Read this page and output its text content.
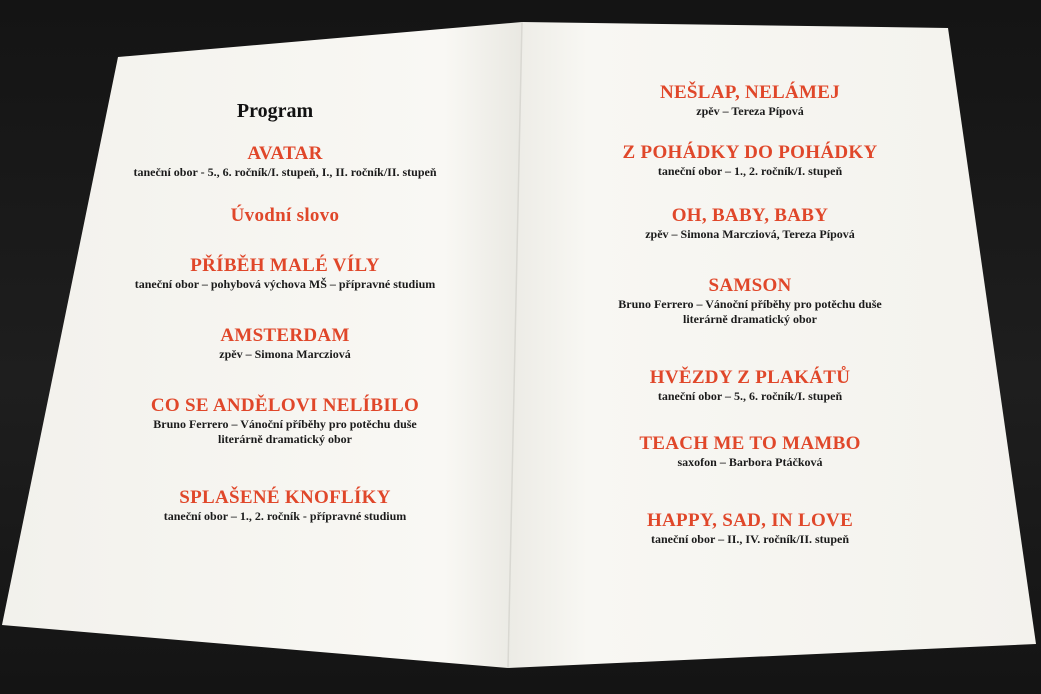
Program
AVATAR
taneční obor - 5., 6. ročník/I. stupeň, I., II. ročník/II. stupeň
Úvodní slovo
PŘÍBĚH MALÉ VÍLY
taneční obor – pohybová výchova MŠ – přípravné studium
AMSTERDAM
zpěv – Simona Marcziová
CO SE ANDĚLOVI NELÍBILO
Bruno Ferrero – Vánoční příběhy pro potěchu duše
literárně dramatický obor
SPLAŠENÉ KNOFLÍKY
taneční obor – 1., 2. ročník - přípravné studium
NEŠLAP, NELÁMEJ
zpěv – Tereza Pípová
Z POHÁDKY DO POHÁDKY
taneční obor – 1., 2. ročník/I. stupeň
OH, BABY, BABY
zpěv – Simona Marcziová, Tereza Pípová
SAMSON
Bruno Ferrero – Vánoční příběhy pro potěchu duše
literárně dramatický obor
HVĚZDY Z PLAKÁTŮ
taneční obor – 5., 6. ročník/I. stupeň
TEACH ME TO MAMBO
saxofon – Barbora Ptáčková
HAPPY, SAD, IN LOVE
taneční obor – II., IV. ročník/II. stupeň
